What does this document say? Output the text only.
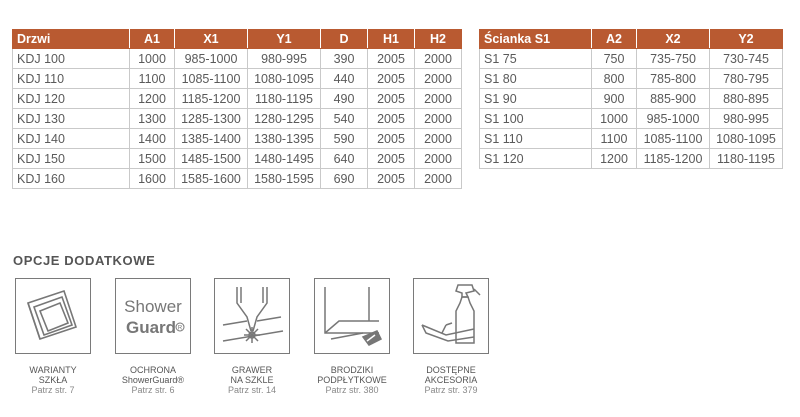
Drzwi	A1	X1	Y1	D	H1	H2
KDJ 100	1000	985-1000	980-995	390	2005	2000
KDJ 110	1100	1085-1100	1080-1095	440	2005	2000
KDJ 120	1200	1185-1200	1180-1195	490	2005	2000
KDJ 130	1300	1285-1300	1280-1295	540	2005	2000
KDJ 140	1400	1385-1400	1380-1395	590	2005	2000
KDJ 150	1500	1485-1500	1480-1495	640	2005	2000
KDJ 160	1600	1585-1600	1580-1595	690	2005	2000
Ścianka S1	A2	X2	Y2
S1 75	750	735-750	730-745
S1 80	800	785-800	780-795
S1 90	900	885-900	880-895
S1 100	1000	985-1000	980-995
S1 110	1100	1085-1100	1080-1095
S1 120	1200	1185-1200	1180-1195
OPCJE DODATKOWE
WARIANTY
SZKŁA
Patrz str. 7
Shower
Guard R
OCHRONA
ShowerGuard®
Patrz str. 6
GRAWER
NA SZKLE
Patrz str. 14
BRODZIKI
PODPŁYTKOWE
Patrz str. 380
DOSTĘPNE
AKCESORIA
Patrz str. 379
